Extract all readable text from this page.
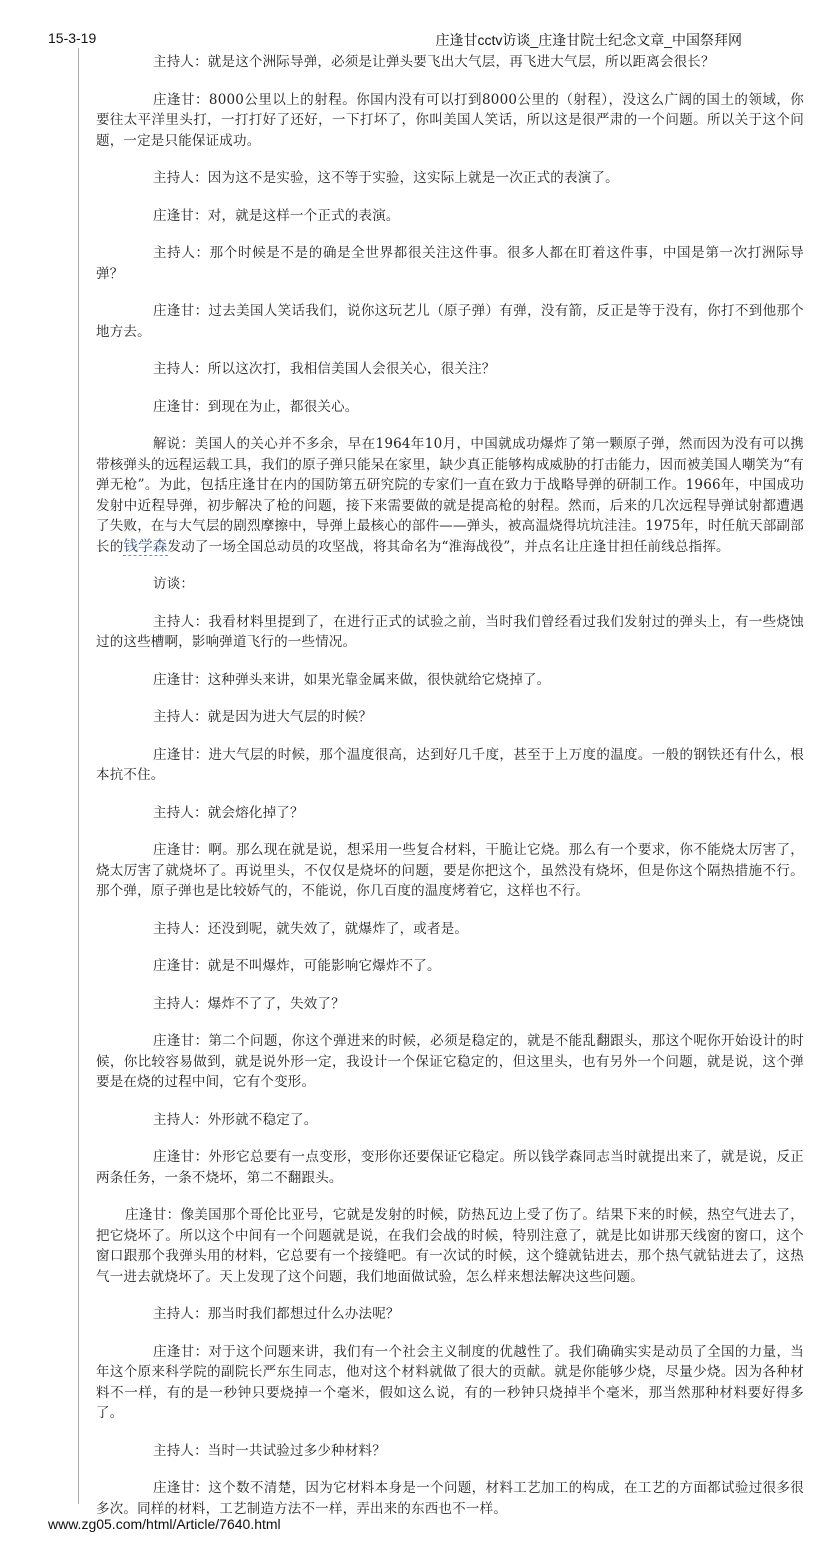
15-3-19	庄逢甘cctv访谈_庄逢甘院士纪念文章_中国祭拜网

主持人：就是这个洲际导弹，必须是让弹头要飞出大气层，再飞进大气层，所以距离会很长？

庄逢甘：8000公里以上的射程。你国内没有可以打到8000公里的（射程），没这么广阔的国土的领域，你要往太平洋里头打，一打打好了还好，一下打坏了，你叫美国人笑话，所以这是很严肃的一个问题。所以关于这个问题，一定是只能保证成功。

主持人：因为这不是实验，这不等于实验，这实际上就是一次正式的表演了。

庄逢甘：对，就是这样一个正式的表演。

主持人：那个时候是不是的确是全世界都很关注这件事。很多人都在盯着这件事，中国是第一次打洲际导弹？

庄逢甘：过去美国人笑话我们，说你这玩艺儿（原子弹）有弹，没有箭，反正是等于没有，你打不到他那个地方去。

主持人：所以这次打，我相信美国人会很关心，很关注？

庄逢甘：到现在为止，都很关心。

解说：美国人的关心并不多余，早在1964年10月，中国就成功爆炸了第一颗原子弹，然而因为没有可以携带核弹头的远程运载工具，我们的原子弹只能呆在家里，缺少真正能够构成威胁的打击能力，因而被美国人嘲笑为“有弹无枪”。为此，包括庄逢甘在内的国防第五研究院的专家们一直在致力于战略导弹的研制工作。1966年，中国成功发射中近程导弹，初步解决了枪的问题，接下来需要做的就是提高枪的射程。然而，后来的几次远程导弹试射都遭遇了失败，在与大气层的剧烈摩擦中，导弹上最核心的部件——弹头，被高温烧得坑坑洼洼。1975年，时任航天部副部长的钱学森发动了一场全国总动员的攻坚战，将其命名为“淮海战役”，并点名让庄逢甘担任前线总指挥。

访谈：

主持人：我看材料里提到了，在进行正式的试验之前，当时我们曾经看过我们发射过的弹头上，有一些烧蚀过的这些槽啊，影响弹道飞行的一些情况。

庄逢甘：这种弹头来讲，如果光靠金属来做，很快就给它烧掉了。

主持人：就是因为进大气层的时候？

庄逢甘：进大气层的时候，那个温度很高，达到好几千度，甚至于上万度的温度。一般的钢铁还有什么，根本抗不住。

主持人：就会熔化掉了？

庄逢甘：啊。那么现在就是说，想采用一些复合材料，干脆让它烧。那么有一个要求，你不能烧太厉害了，烧太厉害了就烧坏了。再说里头，不仅仅是烧坏的问题，要是你把这个，虽然没有烧坏，但是你这个隔热措施不行。那个弹，原子弹也是比较娇气的，不能说，你几百度的温度烤着它，这样也不行。

主持人：还没到呢，就失效了，就爆炸了，或者是。

庄逢甘：就是不叫爆炸，可能影响它爆炸不了。

主持人：爆炸不了了，失效了？

庄逢甘：第二个问题，你这个弹进来的时候，必须是稳定的，就是不能乱翻跟头，那这个呢你开始设计的时候，你比较容易做到，就是说外形一定，我设计一个保证它稳定的，但这里头，也有另外一个问题，就是说，这个弹要是在烧的过程中间，它有个变形。

主持人：外形就不稳定了。

庄逢甘：外形它总要有一点变形，变形你还要保证它稳定。所以钱学森同志当时就提出来了，就是说，反正两条任务，一条不烧坏，第二不翻跟头。

庄逢甘：像美国那个哥伦比亚号，它就是发射的时候，防热瓦边上受了伤了。结果下来的时候，热空气进去了，把它烧坏了。所以这个中间有一个问题就是说，在我们会战的时候，特别注意了，就是比如讲那天线窗的窗口，这个窗口跟那个我弹头用的材料，它总要有一个接缝吧。有一次试的时候，这个缝就钻进去，那个热气就钻进去了，这热气一进去就烧坏了。天上发现了这个问题，我们地面做试验，怎么样来想法解决这些问题。

主持人：那当时我们都想过什么办法呢？

庄逢甘：对于这个问题来讲，我们有一个社会主义制度的优越性了。我们确确实实是动员了全国的力量，当年这个原来科学院的副院长严东生同志，他对这个材料就做了很大的贡献。就是你能够少烧，尽量少烧。因为各种材料不一样，有的是一秒钟只要烧掉一个毫米，假如这么说，有的一秒钟只烧掉半个毫米，那当然那种材料要好得多了。

主持人：当时一共试验过多少种材料？

庄逢甘：这个数不清楚，因为它材料本身是一个问题，材料工艺加工的构成，在工艺的方面都试验过很多很多次。同样的材料，工艺制造方法不一样，弄出来的东西也不一样。

www.zg05.com/html/Article/7640.html
